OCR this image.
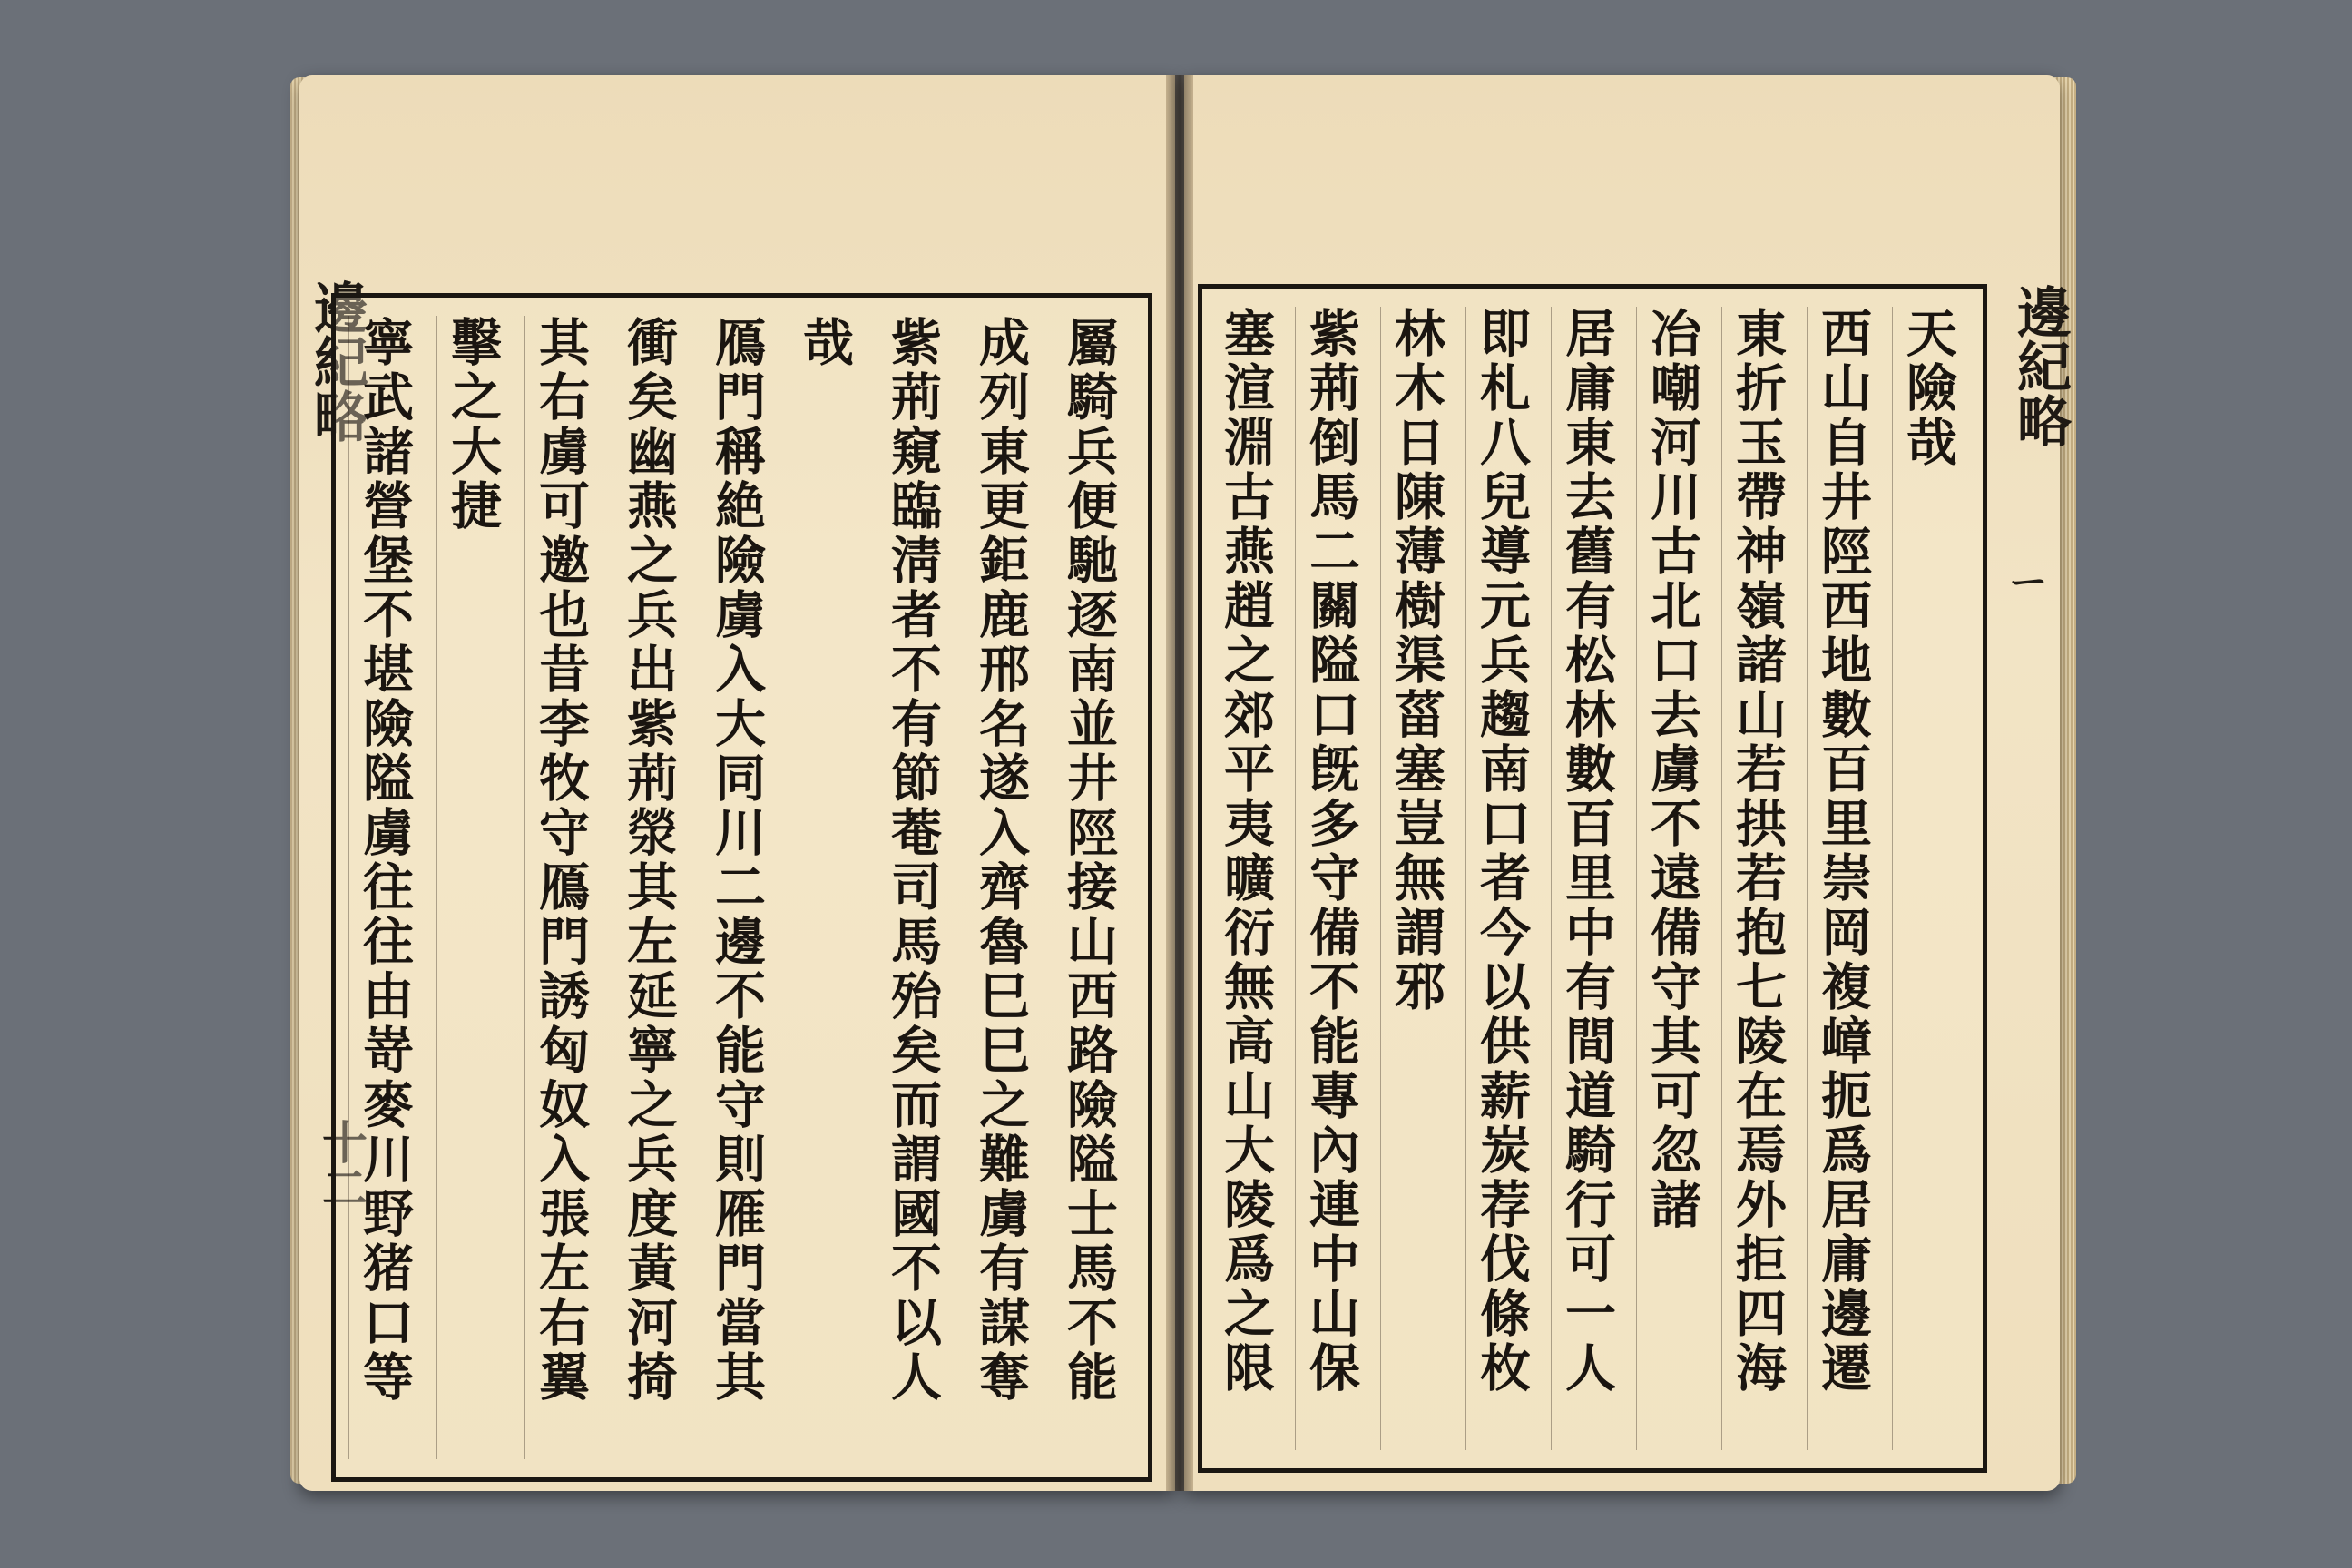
邊紀略
十二	屬騎兵便馳逐南並井陘接山西路險隘士馬不能
成列東更鉅鹿邢名遂入齊魯巳巳之難虜有謀奪
紫荊窺臨淸者不有節菴司馬殆矣而謂國不以人
哉
鴈門稱絶險虜入大同川二邊不能守則雁門當其
衝矣幽燕之兵出紫荊滎其左延寧之兵度黃河掎
其右虜可邀也昔李牧守鴈門誘匈奴入張左右翼
擊之大捷
寧武諸營堡不堪險隘虜往往由嵜麥川野猪口等	邊紀略
ㄧ
天險哉
西山自井陘西地數百里崇岡複嶂扼爲居庸邊遷
東折玉帶神嶺諸山若拱若抱七陵在焉外拒四海
冶嘲河川古北口去虜不遠備守其可忽諸
居庸東去舊有松林數百里中有間道騎行可一人
即札八兒導元兵趨南口者今以供薪炭荐伐條枚
林木日陳薄樹渠菑塞豈無謂邪
紫荊倒馬二關隘口旣多守備不能專內連中山保
塞渲淵古燕趙之郊平夷曠衍無高山大陵爲之限
